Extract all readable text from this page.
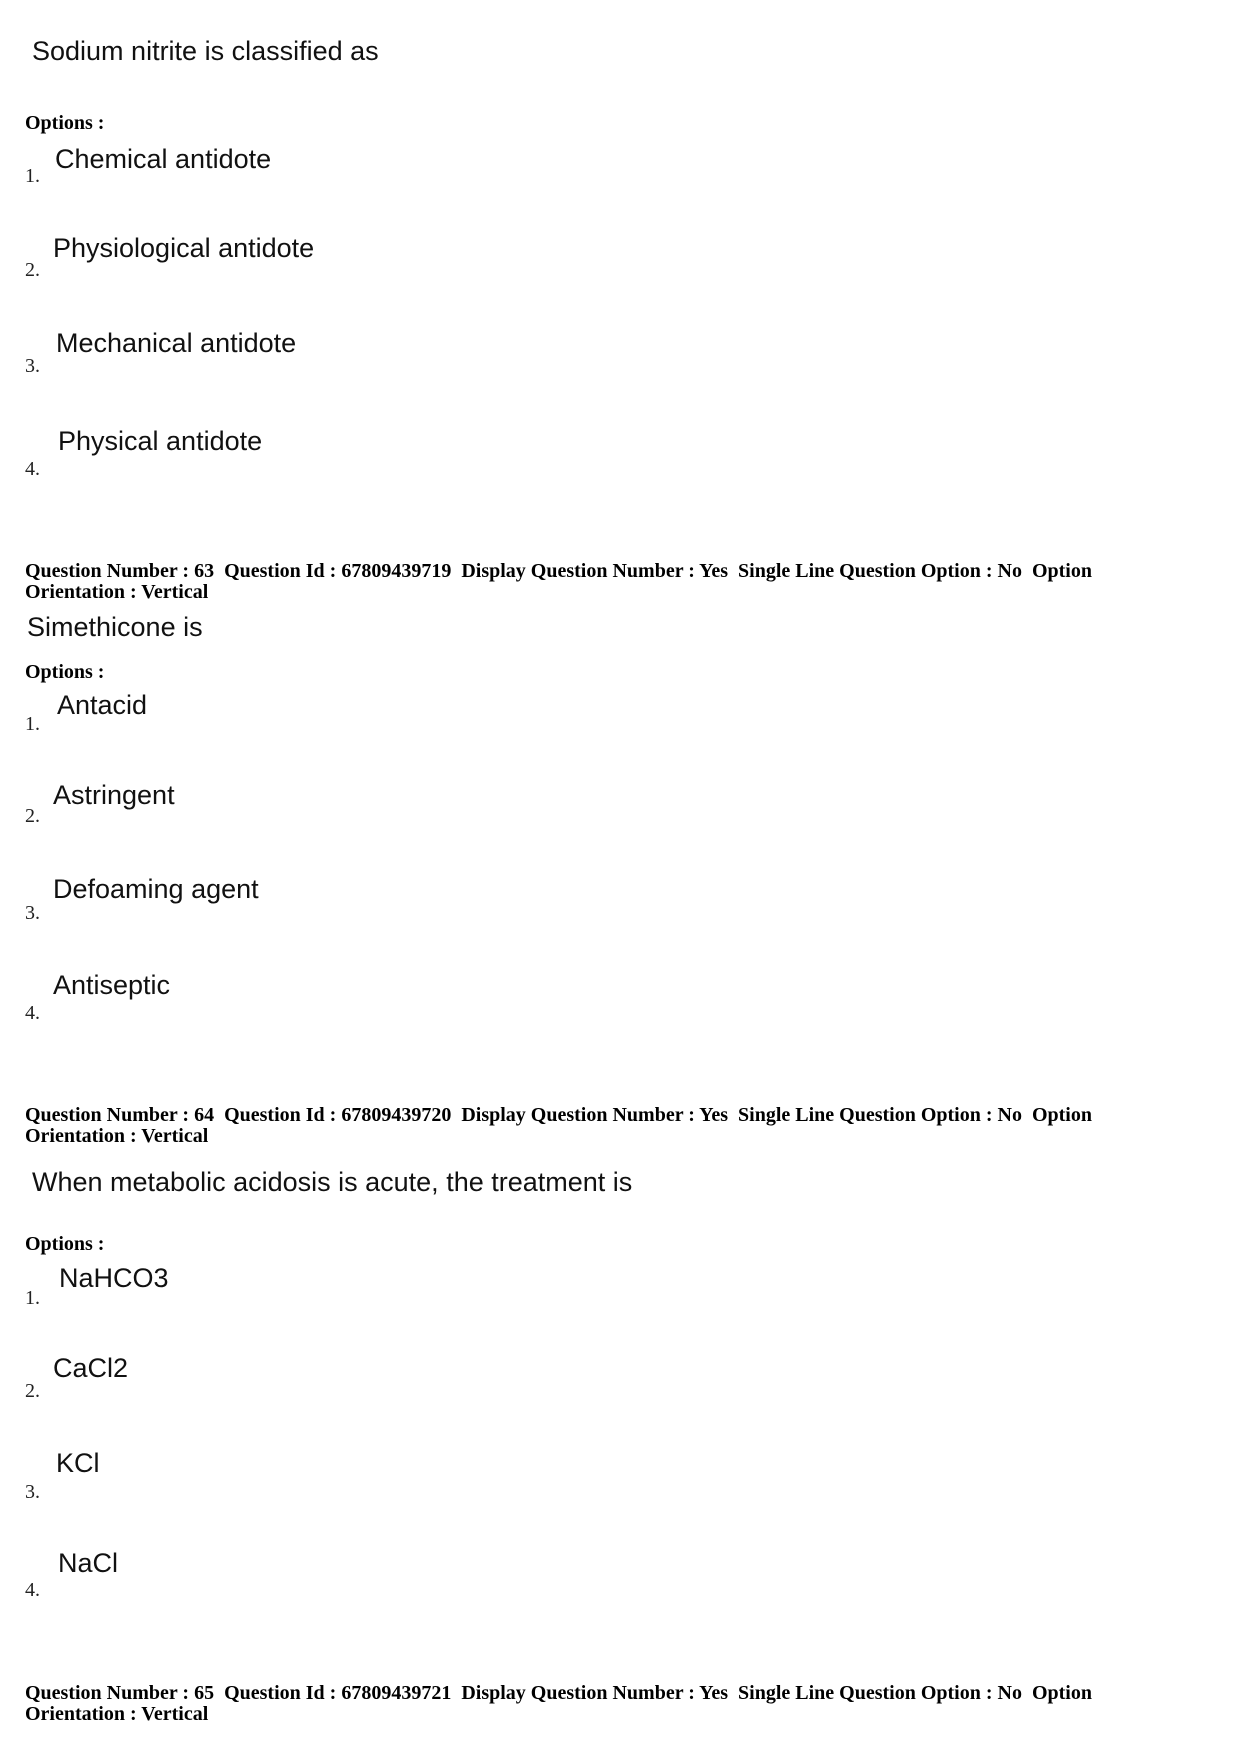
Sodium nitrite is classified as
Options :
1.
Chemical antidote
2.
Physiological antidote
3.
Mechanical antidote
4.
Physical antidote
Question Number : 63  Question Id : 67809439719  Display Question Number : Yes  Single Line Question Option : No  Option
Orientation : Vertical
Simethicone is
Options :
1.
Antacid
2.
Astringent
3.
Defoaming agent
4.
Antiseptic
Question Number : 64  Question Id : 67809439720  Display Question Number : Yes  Single Line Question Option : No  Option
Orientation : Vertical
When metabolic acidosis is acute, the treatment is
Options :
1.
NaHCO3
2.
CaCl2
3.
KCl
4.
NaCl
Question Number : 65  Question Id : 67809439721  Display Question Number : Yes  Single Line Question Option : No  Option
Orientation : Vertical
